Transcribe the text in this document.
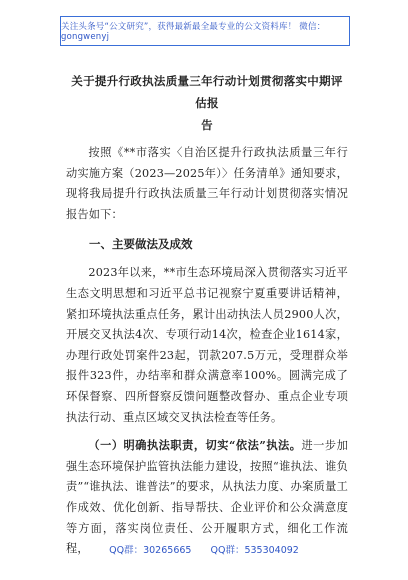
关注头条号“公文研究”，获得最新最全最专业的公文资料库！ 微信：gongwenyj
关于提升行政执法质量三年行动计划贯彻落实中期评估报
告

按照《**市落实〈自治区提升行政执法质量三年行动实施方案（2023—2025年）〉任务清单》通知要求，现将我局提升行政执法质量三年行动计划贯彻落实情况报告如下：

一、主要做法及成效

2023年以来，**市生态环境局深入贯彻落实习近平生态文明思想和习近平总书记视察宁夏重要讲话精神，紧扣环境执法重点任务，累计出动执法人员2900人次，开展交叉执法4次、专项行动14次，检查企业1614家，办理行政处罚案件23起，罚款207.5万元，受理群众举报件323件，办结率和群众满意率100%。圆满完成了环保督察、四所督察反馈问题整改督办、重点企业专项执法行动、重点区域交叉执法检查等任务。

（一）明确执法职责，切实“依法”执法。进一步加强生态环境保护监管执法能力建设，按照“谁执法、谁负责”“谁执法、谁普法”的要求，从执法力度、办案质量工作成效、优化创新、指导帮扶、企业评价和公众满意度等方面，落实岗位责任、公开履职方式，细化工作流程，	QQ群：30265665 QQ群：535304092
